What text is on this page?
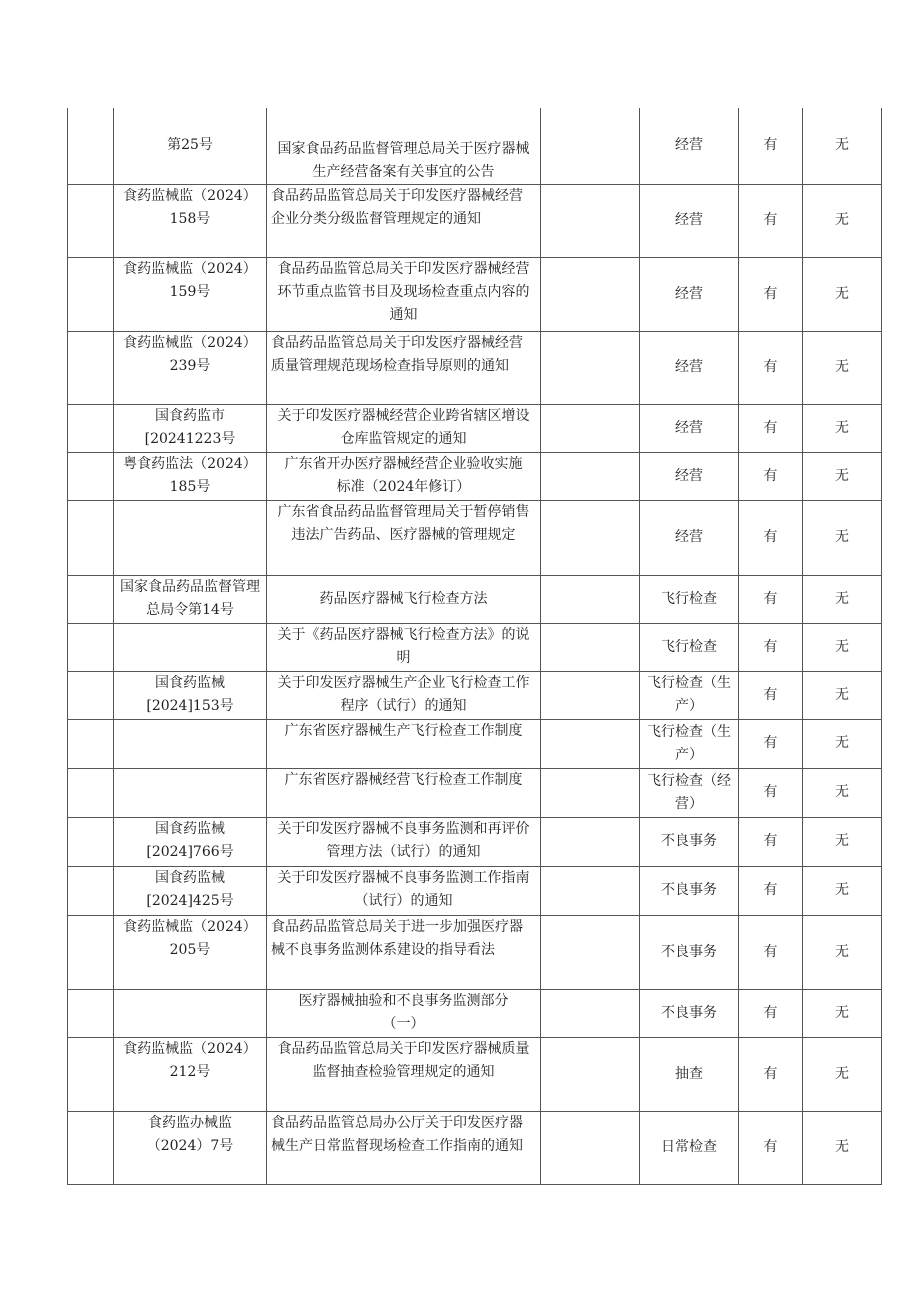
	第25号	国家食品药品监督管理总局关于医疗器械
生产经营备案有关事宜的公告		经营	有	无

	食药监械监（2024）
158号	食品药品监管总局关于印发医疗器械经营
企业分类分级监督管理规定的通知		经营	有	无

	食药监械监（2024）
159号	食品药品监管总局关于印发医疗器械经营
环节重点监管书目及现场检查重点内容的
通知		经营	有	无

	食药监械监（2024）
239号	食品药品监管总局关于印发医疗器械经营
质量管理规范现场检查指导原则的通知		经营	有	无

	国食药监市
[20241223号	关于印发医疗器械经营企业跨省辖区增设
仓库监管规定的通知		经营	有	无

	粤食药监法（2024）
185号	广东省开办医疗器械经营企业验收实施
标准（2024年修订）		经营	有	无

		广东省食品药品监督管理局关于暂停销售
违法广告药品、医疗器械的管理规定		经营	有	无

	国家食品药品监督管理
总局令第14号	药品医疗器械飞行检查方法		飞行检查	有	无

		关于《药品医疗器械飞行检查方法》的说
明		飞行检查	有	无

	国食药监械
[2024]153号	关于印发医疗器械生产企业飞行检查工作
程序（试行）的通知		飞行检查（生
产）	有	无

		广东省医疗器械生产飞行检查工作制度		飞行检查（生
产）	有	无

		广东省医疗器械经营飞行检查工作制度		飞行检查（经
营）	有	无

	国食药监械
[2024]766号	关于印发医疗器械不良事务监测和再评价
管理方法（试行）的通知		不良事务	有	无

	国食药监械
[2024]425号	关于印发医疗器械不良事务监测工作指南
（试行）的通知		不良事务	有	无

	食药监械监（2024）
205号	食品药品监管总局关于进一步加强医疗器
械不良事务监测体系建设的指导看法		不良事务	有	无

		医疗器械抽验和不良事务监测部分
（一）		不良事务	有	无

	食药监械监（2024）
212号	食品药品监管总局关于印发医疗器械质量
监督抽查检验管理规定的通知		抽查	有	无

	食药监办械监
（2024）7号	食品药品监管总局办公厅关于印发医疗器
械生产日常监督现场检查工作指南的通知		日常检查	有	无
